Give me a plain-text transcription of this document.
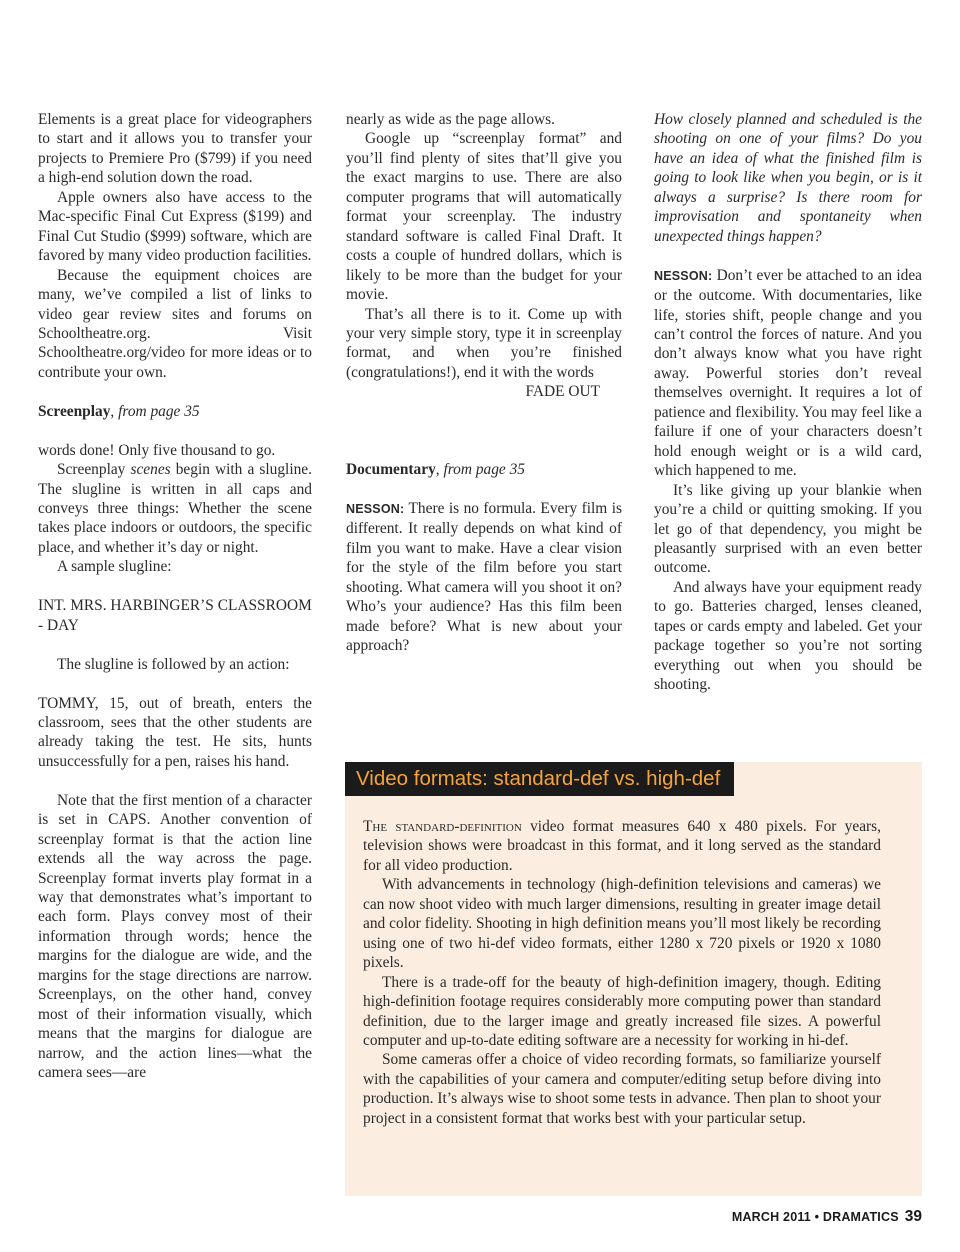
Elements is a great place for videographers to start and it allows you to transfer your projects to Premiere Pro ($799) if you need a high-end solution down the road.

Apple owners also have access to the Mac-specific Final Cut Express ($199) and Final Cut Studio ($999) software, which are favored by many video production facilities.

Because the equipment choices are many, we’ve compiled a list of links to video gear review sites and forums on Schooltheatre.org. Visit Schooltheatre.org/video for more ideas or to contribute your own.

Screenplay, from page 35

words done! Only five thousand to go.

Screenplay scenes begin with a slugline. The slugline is written in all caps and conveys three things: Whether the scene takes place indoors or outdoors, the specific place, and whether it’s day or night.

A sample slugline:

INT. MRS. HARBINGER’S CLASSROOM

- DAY

The slugline is followed by an action:

TOMMY, 15, out of breath, enters the classroom, sees that the other students are already taking the test. He sits, hunts unsuccessfully for a pen, raises his hand.

Note that the first mention of a character is set in CAPS. Another convention of screenplay format is that the action line extends all the way across the page. Screenplay format inverts play format in a way that demonstrates what’s important to each form. Plays convey most of their information through words; hence the margins for the dialogue are wide, and the margins for the stage directions are narrow. Screenplays, on the other hand, convey most of their information visually, which means that the margins for dialogue are narrow, and the action lines—what the camera sees—are

nearly as wide as the page allows.

Google up “screenplay format” and you’ll find plenty of sites that’ll give you the exact margins to use. There are also computer programs that will automatically format your screenplay. The industry standard software is called Final Draft. It costs a couple of hundred dollars, which is likely to be more than the budget for your movie.

That’s all there is to it. Come up with your very simple story, type it in screenplay format, and when you’re finished (congratulations!), end it with the words

FADE OUT

Documentary, from page 35

NESSON: There is no formula. Every film is different. It really depends on what kind of film you want to make. Have a clear vision for the style of the film before you start shooting. What camera will you shoot it on? Who’s your audience? Has this film been made before? What is new about your approach?

How closely planned and scheduled is the shooting on one of your films? Do you have an idea of what the finished film is going to look like when you begin, or is it always a surprise? Is there room for improvisation and spontaneity when unexpected things happen?

NESSON: Don’t ever be attached to an idea or the outcome. With documentaries, like life, stories shift, people change and you can’t control the forces of nature. And you don’t always know what you have right away. Powerful stories don’t reveal themselves overnight. It requires a lot of patience and flexibility. You may feel like a failure if one of your characters doesn’t hold enough weight or is a wild card, which happened to me.

It’s like giving up your blankie when you’re a child or quitting smoking. If you let go of that dependency, you might be pleasantly surprised with an even better outcome.

And always have your equipment ready to go. Batteries charged, lenses cleaned, tapes or cards empty and labeled. Get your package together so you’re not sorting everything out when you should be shooting.

Video formats: standard-def vs. high-def

The standard-definition video format measures 640 x 480 pixels. For years, television shows were broadcast in this format, and it long served as the standard for all video production.

With advancements in technology (high-definition televisions and cameras) we can now shoot video with much larger dimensions, resulting in greater image detail and color fidelity. Shooting in high definition means you’ll most likely be recording using one of two hi-def video formats, either 1280 x 720 pixels or 1920 x 1080 pixels.

There is a trade-off for the beauty of high-definition imagery, though. Editing high-definition footage requires considerably more computing power than standard definition, due to the larger image and greatly increased file sizes. A powerful computer and up-to-date editing software are a necessity for working in hi-def.

Some cameras offer a choice of video recording formats, so familiarize yourself with the capabilities of your camera and computer/editing setup before diving into production. It’s always wise to shoot some tests in advance. Then plan to shoot your project in a consistent format that works best with your particular setup.

MARCH 2011 • DRAMATICS 39
